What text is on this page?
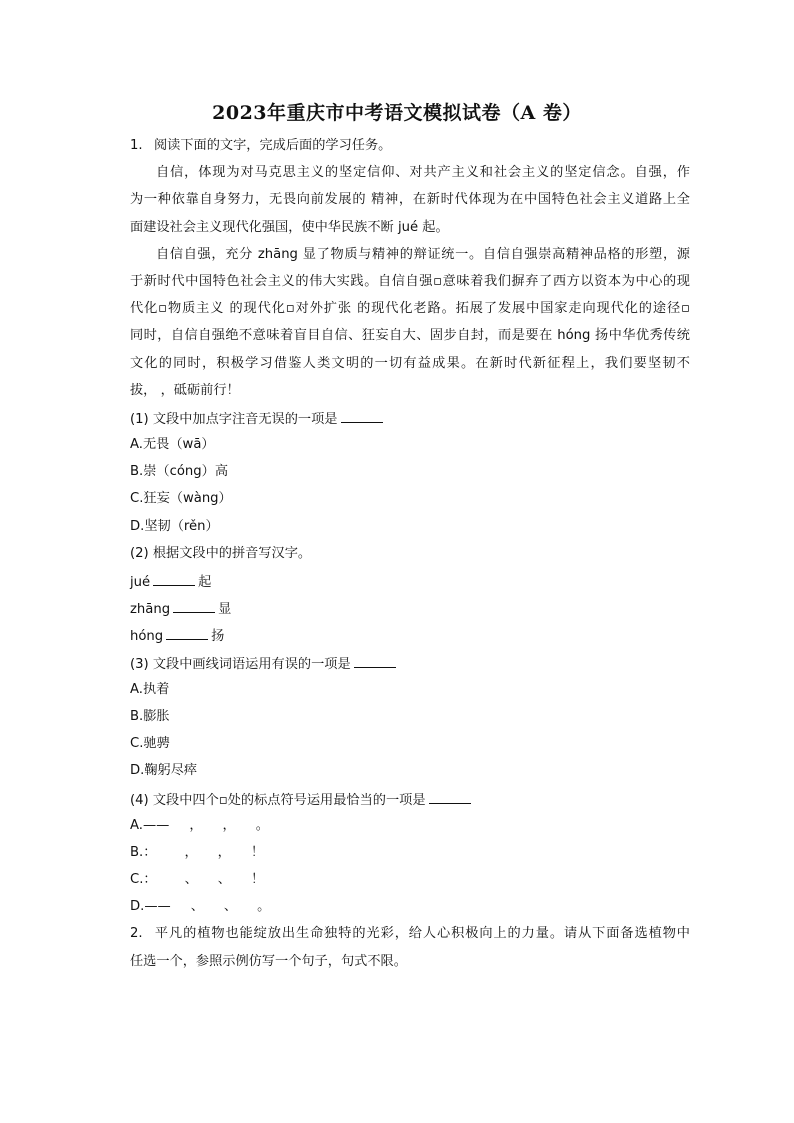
2023年重庆市中考语文模拟试卷（A 卷）
1. 阅读下面的文字，完成后面的学习任务。
自信，体现为对马克思主义的坚定信仰、对共产主义和社会主义的坚定信念。自强，作
为一种依靠自身努力，无畏向前发展的 精神，在新时代体现为在中国特色社会主义道路上全
面建设社会主义现代化强国，使中华民族不断 jué 起。
自信自强，充分 zhāng 显了物质与精神的辩证统一。自信自强崇高精神品格的形塑，源
于新时代中国特色社会主义的伟大实践。自信自强▫意味着我们摒弃了西方以资本为中心的现
代化▫物质主义 的现代化▫对外扩张 的现代化老路。拓展了发展中国家走向现代化的途径▫
同时，自信自强绝不意味着盲目自信、狂妄自大、固步自封，而是要在 hóng 扬中华优秀传统
文化的同时，积极学习借鉴人类文明的一切有益成果。在新时代新征程上，我们要坚韧不
拔， ，砥砺前行！
(1) 文段中加点字注音无误的一项是
A.无畏（wā）
B.崇（cóng）高
C.狂妄（wàng）
D.坚韧（rěn）
(2) 根据文段中的拼音写汉字。
jué	起
zhāng	显
hóng	扬
(3) 文段中画线词语运用有误的一项是
A.执着
B.膨胀
C.驰骋
D.鞠躬尽瘁
(4) 文段中四个▫处的标点符号运用最恰当的一项是
A.—— ， ， 。
B.： ， ， ！
C.： 、 、 ！
D.—— 、 、 。
2. 平凡的植物也能绽放出生命独特的光彩，给人心积极向上的力量。请从下面备选植物中
任选一个，参照示例仿写一个句子，句式不限。
